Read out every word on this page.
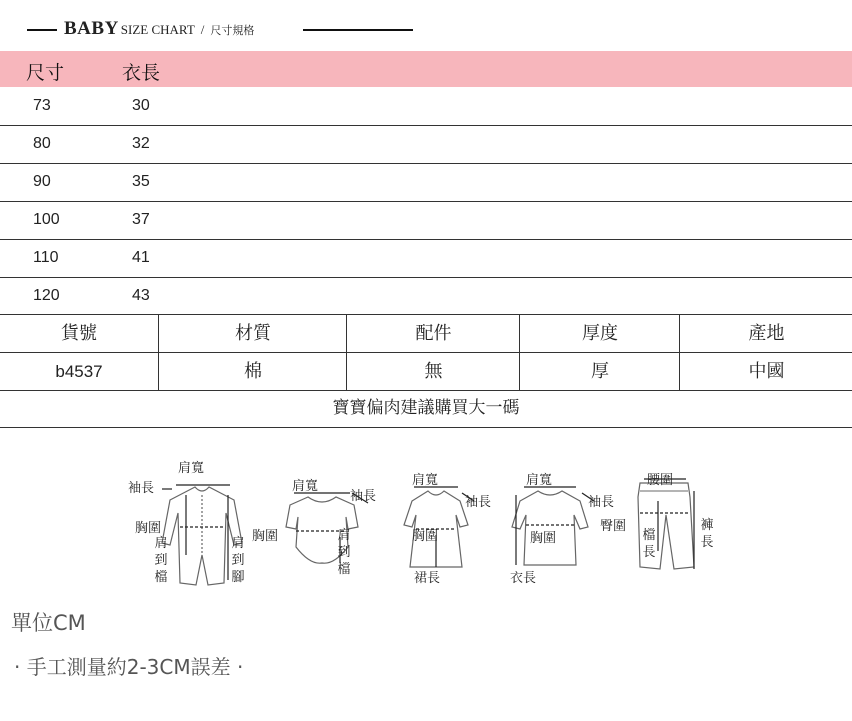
BABY SIZE CHART / 尺寸規格
尺寸	衣長
73	30
80	32
90	35
100	37
110	41
120	43
貨號	材質	配件	厚度	產地
b4537	棉	無	厚	中國
寶寶偏肉建議購買大一碼
袖長
肩寬
胸圍
肩到檔
肩到腳
肩寬
袖長
胸圍	肩到檔
肩寬
袖長
胸圍
裙長
肩寬
袖長
胸圍
衣長
腰圍
臀圍
檔長
褲長
單位CM
· 手工測量約2-3CM誤差 ·
